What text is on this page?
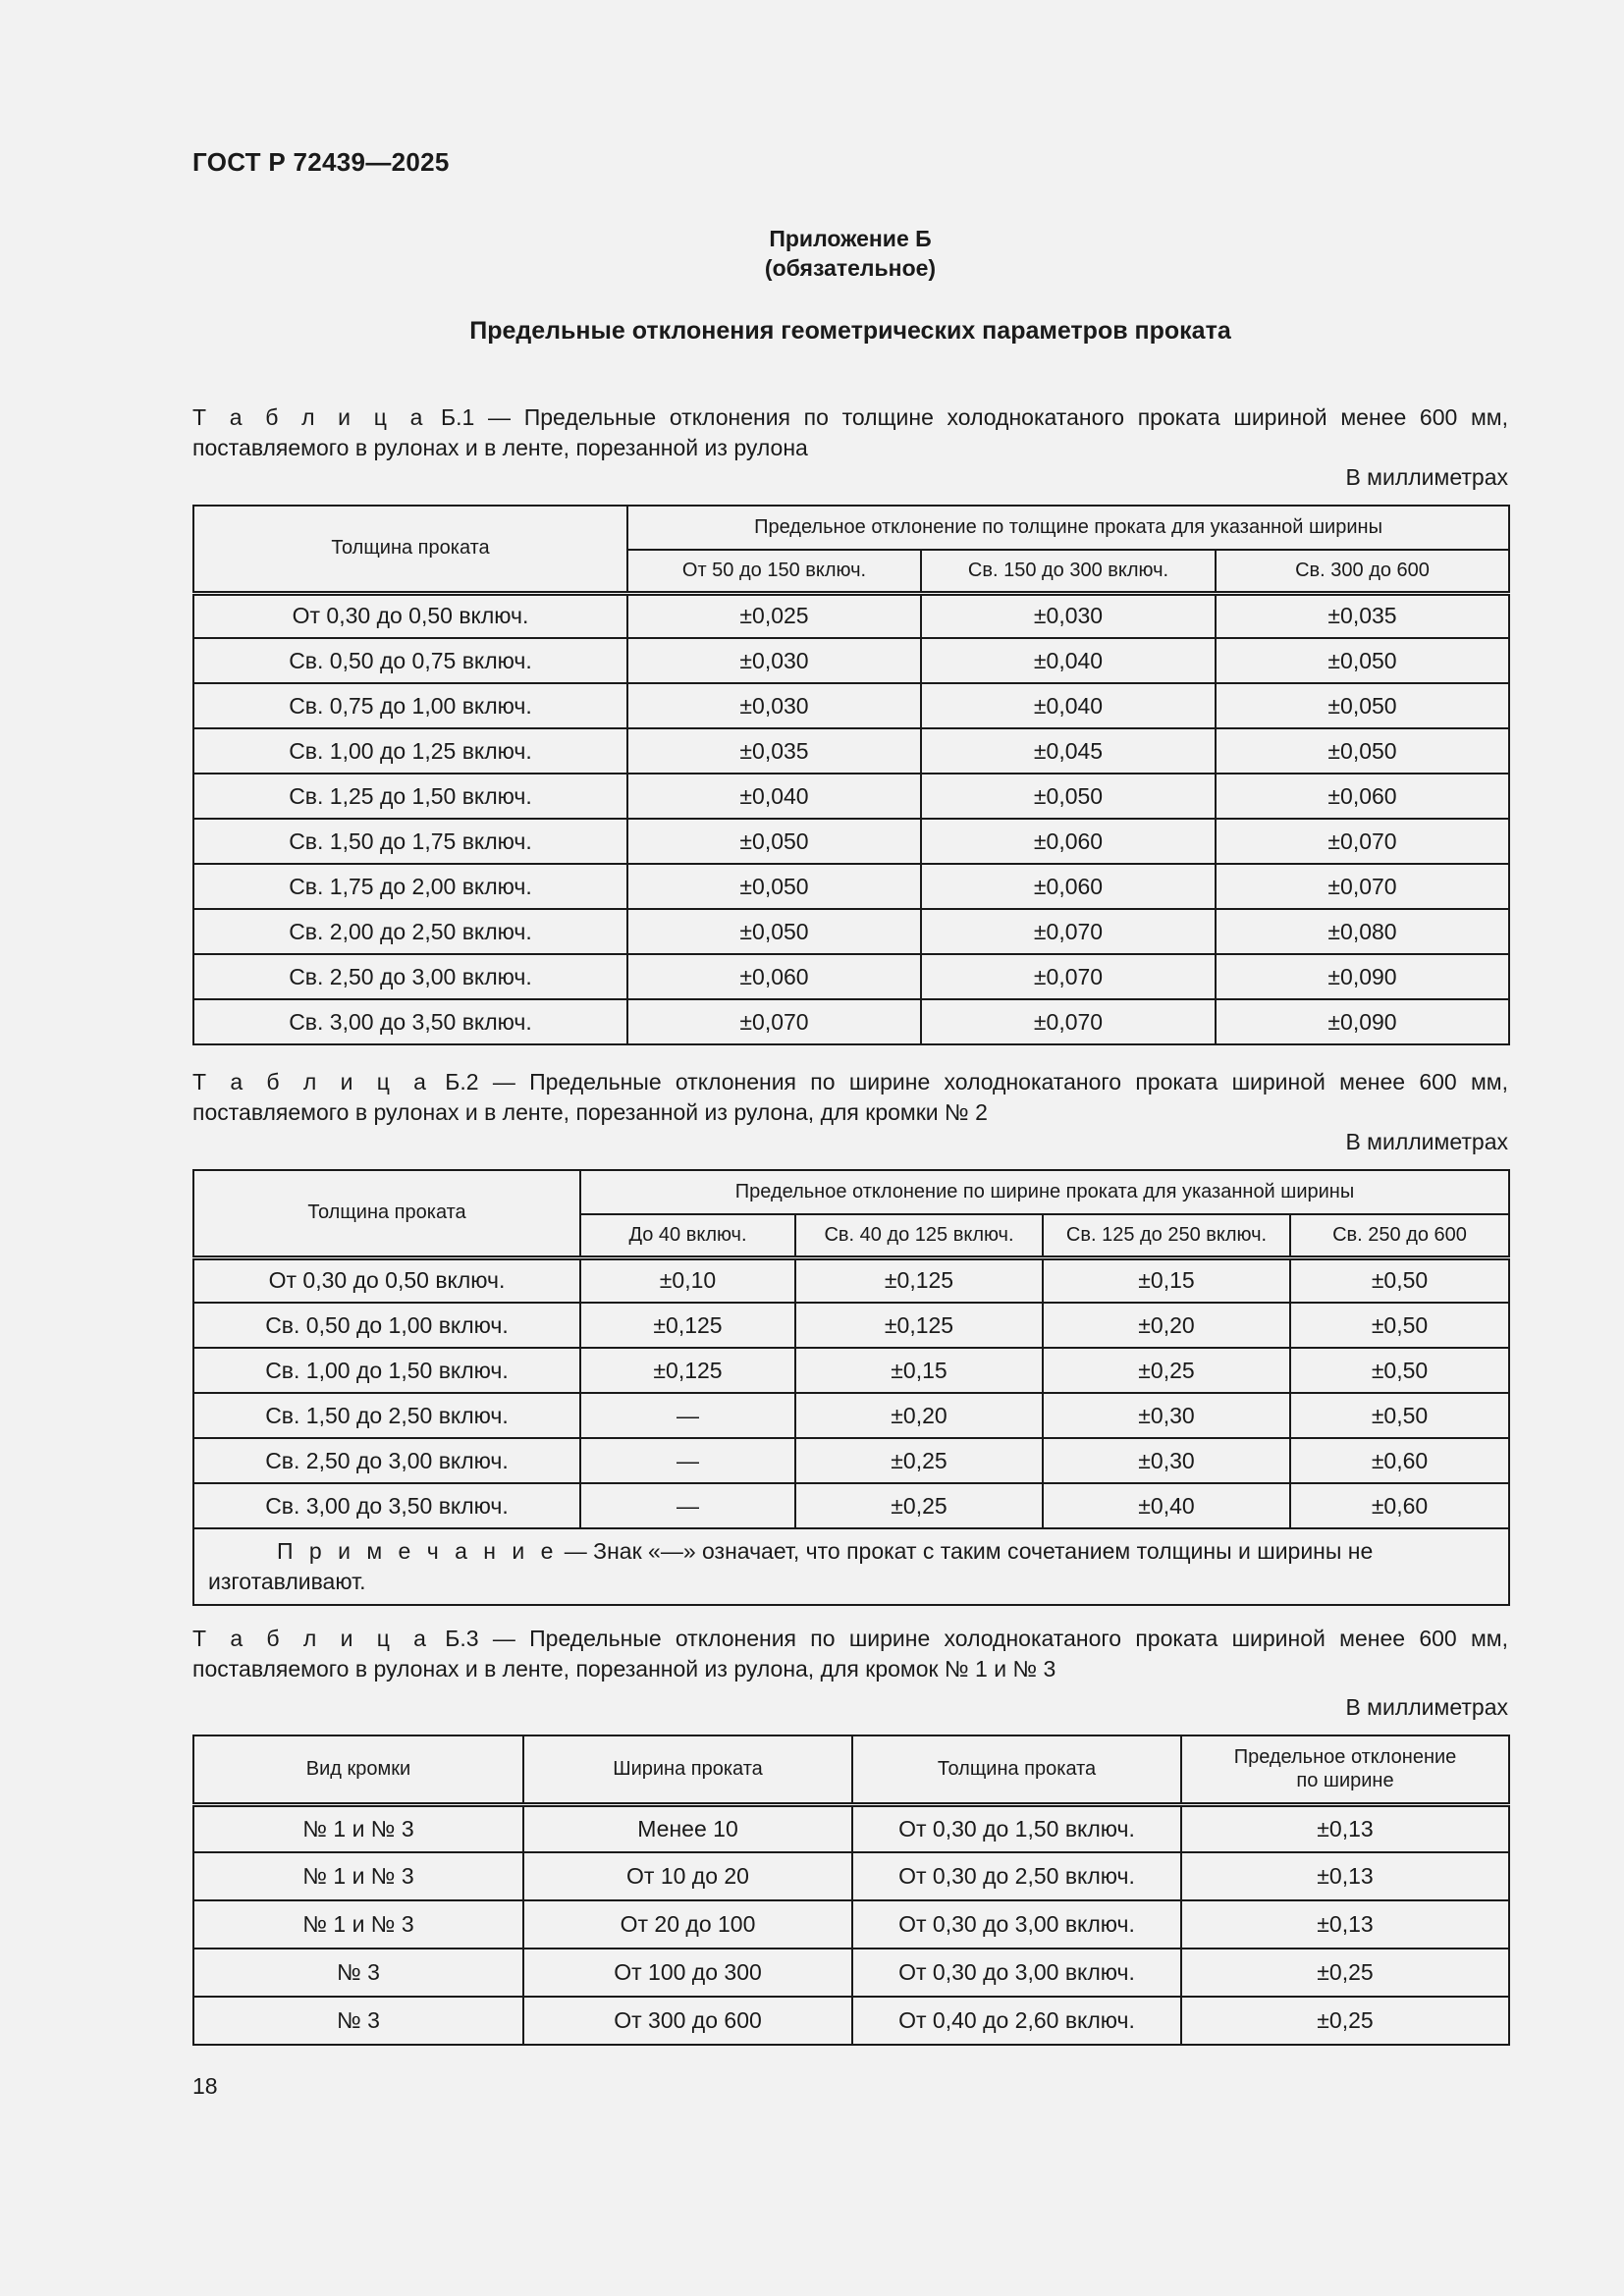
ГОСТ Р 72439—2025
Приложение Б
(обязательное)
Предельные отклонения геометрических параметров проката
Т а б л и ц а Б.1 — Предельные отклонения по толщине холоднокатаного проката шириной менее 600 мм, поставляемого в рулонах и в ленте, порезанной из рулона
В миллиметрах
Толщина проката	Предельное отклонение по толщине проката для указанной ширины		
	От 50 до 150 включ.	Св. 150 до 300 включ.	Св. 300 до 600
От 0,30 до 0,50 включ.	±0,025	±0,030	±0,035
Св. 0,50 до 0,75 включ.	±0,030	±0,040	±0,050
Св. 0,75 до 1,00 включ.	±0,030	±0,040	±0,050
Св. 1,00 до 1,25 включ.	±0,035	±0,045	±0,050
Св. 1,25 до 1,50 включ.	±0,040	±0,050	±0,060
Св. 1,50 до 1,75 включ.	±0,050	±0,060	±0,070
Св. 1,75 до 2,00 включ.	±0,050	±0,060	±0,070
Св. 2,00 до 2,50 включ.	±0,050	±0,070	±0,080
Св. 2,50 до 3,00 включ.	±0,060	±0,070	±0,090
Св. 3,00 до 3,50 включ.	±0,070	±0,070	±0,090
Т а б л и ц а Б.2 — Предельные отклонения по ширине холоднокатаного проката шириной менее 600 мм, поставляемого в рулонах и в ленте, порезанной из рулона, для кромки № 2
В миллиметрах
Толщина проката	Предельное отклонение по ширине проката для указанной ширины			
	До 40 включ.	Св. 40 до 125 включ.	Св. 125 до 250 включ.	Св. 250 до 600
От 0,30 до 0,50 включ.	±0,10	±0,125	±0,15	±0,50
Св. 0,50 до 1,00 включ.	±0,125	±0,125	±0,20	±0,50
Св. 1,00 до 1,50 включ.	±0,125	±0,15	±0,25	±0,50
Св. 1,50 до 2,50 включ.	—	±0,20	±0,30	±0,50
Св. 2,50 до 3,00 включ.	—	±0,25	±0,30	±0,60
Св. 3,00 до 3,50 включ.	—	±0,25	±0,40	±0,60
П р и м е ч а н и е — Знак «—» означает, что прокат с таким сочетанием толщины и ширины не изготавливают.				
Т а б л и ц а Б.3 — Предельные отклонения по ширине холоднокатаного проката шириной менее 600 мм, поставляемого в рулонах и в ленте, порезанной из рулона, для кромок № 1 и № 3
В миллиметрах
Вид кромки	Ширина проката	Толщина проката	Предельное отклонение по ширине
№ 1 и № 3	Менее 10	От 0,30 до 1,50 включ.	±0,13
№ 1 и № 3	От 10 до 20	От 0,30 до 2,50 включ.	±0,13
№ 1 и № 3	От 20 до 100	От 0,30 до 3,00 включ.	±0,13
№ 3	От 100 до 300	От 0,30 до 3,00 включ.	±0,25
№ 3	От 300 до 600	От 0,40 до 2,60 включ.	±0,25
18
